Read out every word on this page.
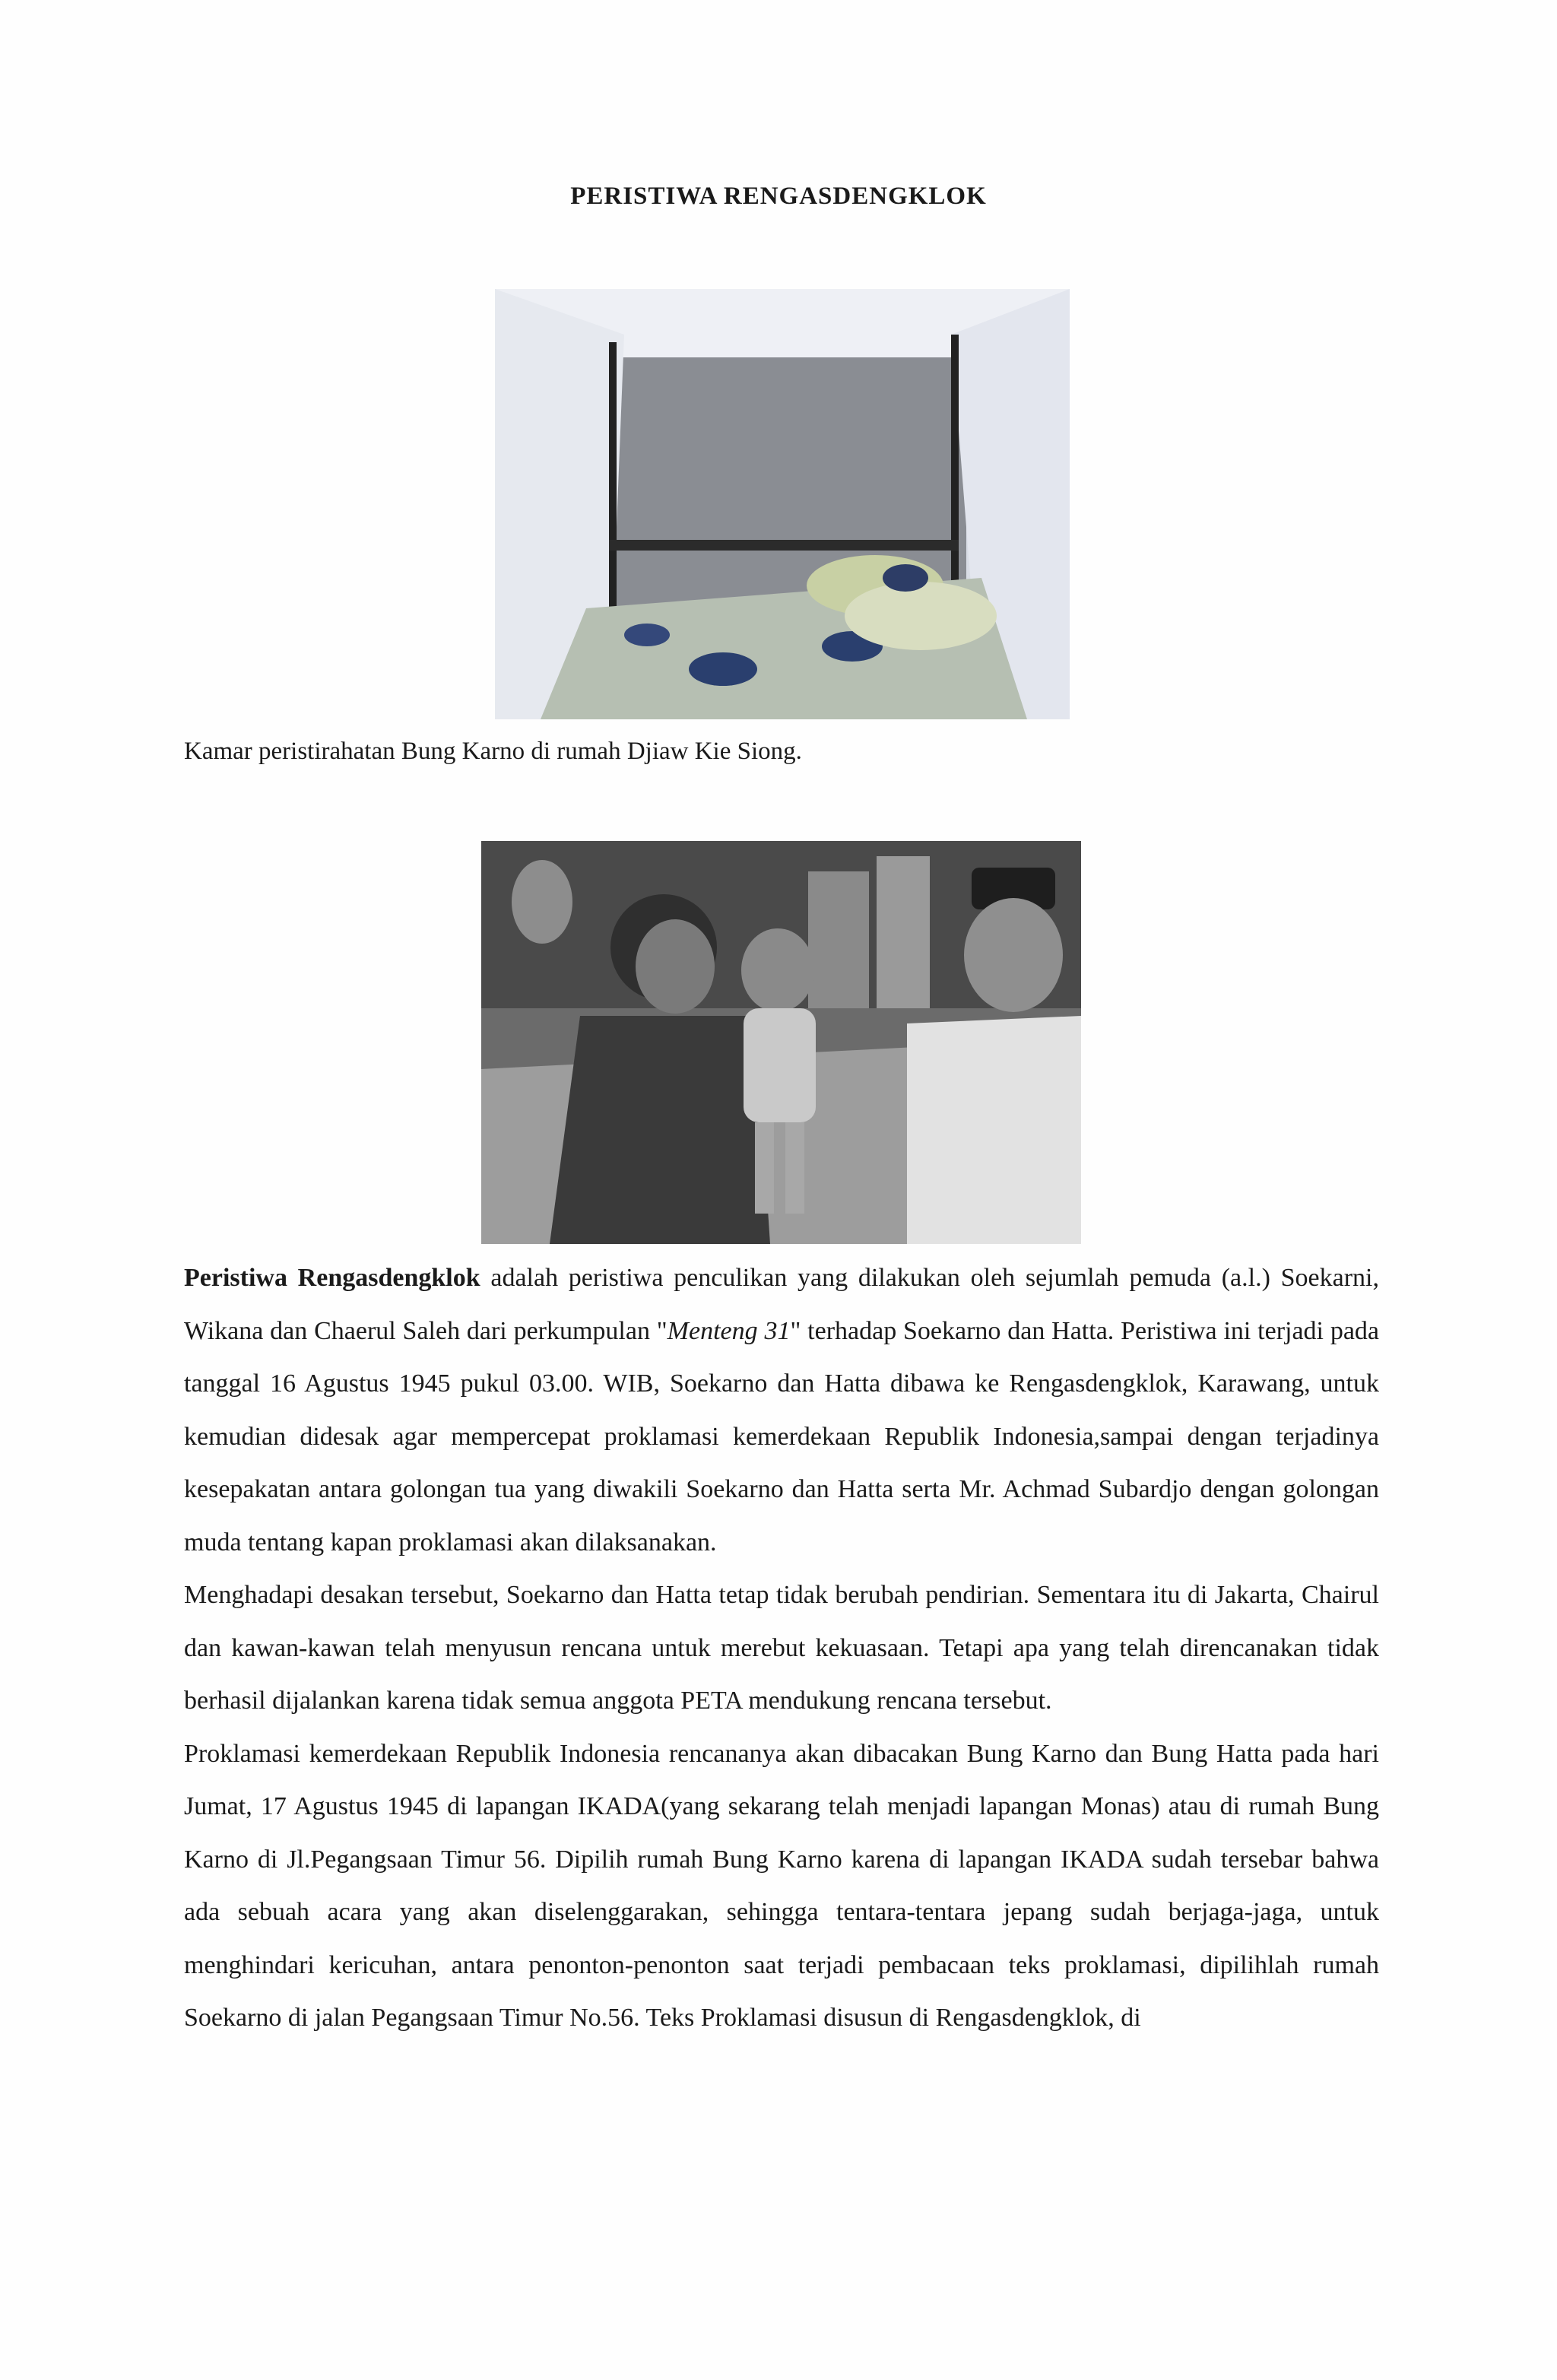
PERISTIWA RENGASDENGKLOK
Kamar peristirahatan Bung Karno di rumah Djiaw Kie Siong.

Peristiwa Rengasdengklok adalah peristiwa penculikan yang dilakukan oleh sejumlah pemuda (a.l.) Soekarni, Wikana dan Chaerul Saleh dari perkumpulan "Menteng 31" terhadap Soekarno dan Hatta. Peristiwa ini terjadi pada tanggal 16 Agustus 1945 pukul 03.00. WIB, Soekarno dan Hatta dibawa ke Rengasdengklok, Karawang, untuk kemudian didesak agar mempercepat proklamasi kemerdekaan Republik Indonesia,sampai dengan terjadinya kesepakatan antara golongan tua yang diwakili Soekarno dan Hatta serta Mr. Achmad Subardjo dengan golongan muda tentang kapan proklamasi akan dilaksanakan.

Menghadapi desakan tersebut, Soekarno dan Hatta tetap tidak berubah pendirian. Sementara itu di Jakarta, Chairul dan kawan-kawan telah menyusun rencana untuk merebut kekuasaan. Tetapi apa yang telah direncanakan tidak berhasil dijalankan karena tidak semua anggota PETA mendukung rencana tersebut.

Proklamasi kemerdekaan Republik Indonesia rencananya akan dibacakan Bung Karno dan Bung Hatta pada hari Jumat, 17 Agustus 1945 di lapangan IKADA(yang sekarang telah menjadi lapangan Monas) atau di rumah Bung Karno di Jl.Pegangsaan Timur 56. Dipilih rumah Bung Karno karena di lapangan IKADA sudah tersebar bahwa ada sebuah acara yang akan diselenggarakan, sehingga tentara-tentara jepang sudah berjaga-jaga, untuk menghindari kericuhan, antara penonton-penonton saat terjadi pembacaan teks proklamasi, dipilihlah rumah Soekarno di jalan Pegangsaan Timur No.56. Teks Proklamasi disusun di Rengasdengklok, di
